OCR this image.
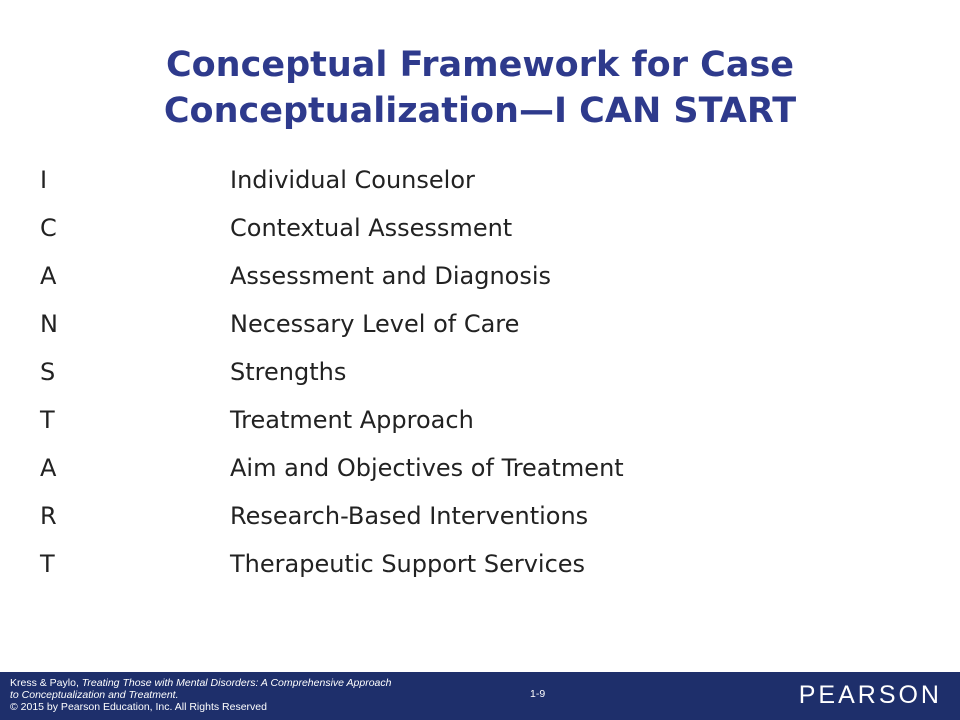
Conceptual Framework for Case
Conceptualization—I CAN START
I	Individual Counselor
C	Contextual Assessment
A	Assessment and Diagnosis
N	Necessary Level of Care
S	Strengths
T	Treatment Approach
A	Aim and Objectives of Treatment
R	Research-Based Interventions
T	Therapeutic Support Services
Kress & Paylo, Treating Those with Mental Disorders: A Comprehensive Approach
to Conceptualization and Treatment.
© 2015 by Pearson Education, Inc. All Rights Reserved
1-9	PEARSON
